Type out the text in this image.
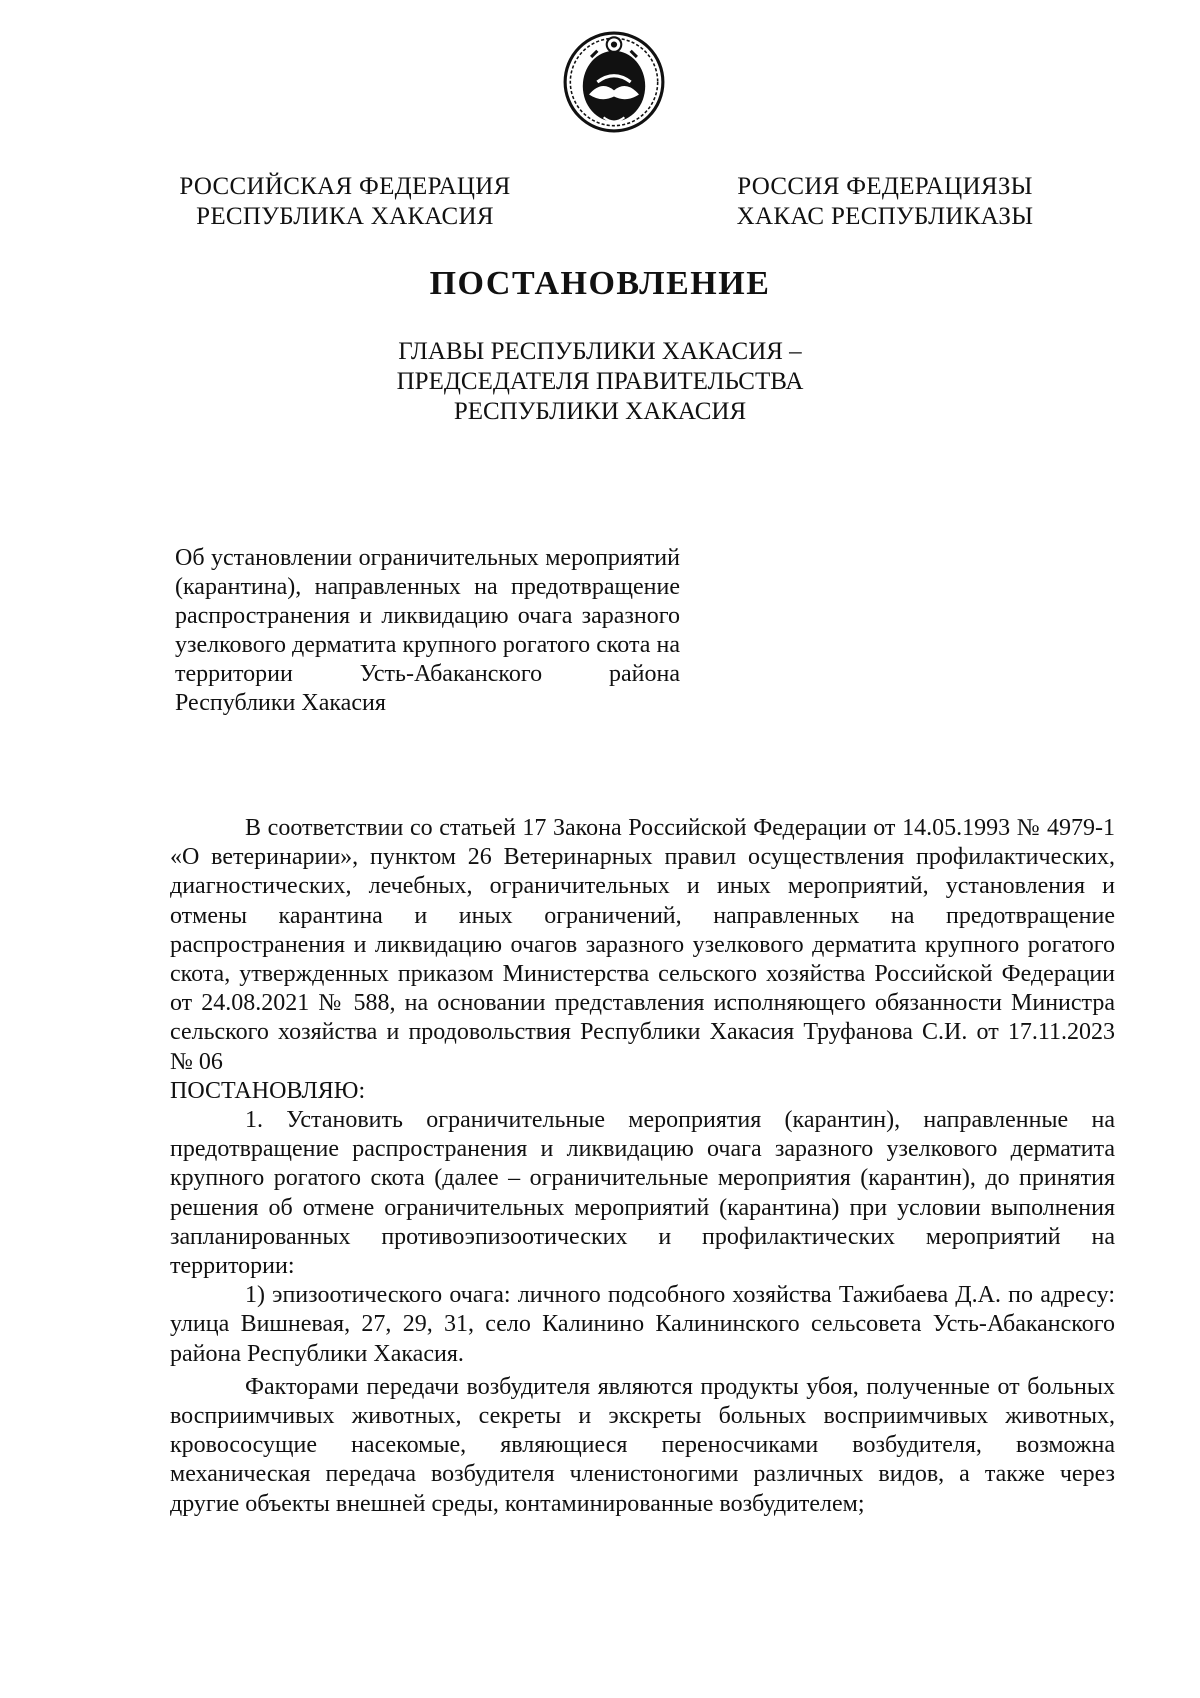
РОССИЙСКАЯ ФЕДЕРАЦИЯ
РЕСПУБЛИКА ХАКАСИЯ
РОССИЯ ФЕДЕРАЦИЯЗЫ
ХАКАС РЕСПУБЛИКАЗЫ
ПОСТАНОВЛЕНИЕ
ГЛАВЫ РЕСПУБЛИКИ ХАКАСИЯ –
ПРЕДСЕДАТЕЛЯ ПРАВИТЕЛЬСТВА
РЕСПУБЛИКИ ХАКАСИЯ
Об установлении ограничительных мероприятий (карантина), направленных на предотвращение распространения и ликвидацию очага заразного узелкового дерматита крупного рогатого скота на территории Усть-Абаканского района Республики Хакасия

В соответствии со статьей 17 Закона Российской Федерации от 14.05.1993 № 4979-1 «О ветеринарии», пунктом 26 Ветеринарных правил осуществления профилактических, диагностических, лечебных, ограничительных и иных мероприятий, установления и отмены карантина и иных ограничений, направленных на предотвращение распространения и ликвидацию очагов заразного узелкового дерматита крупного рогатого скота, утвержденных приказом Министерства сельского хозяйства Российской Федерации от 24.08.2021 № 588, на основании представления исполняющего обязанности Министра сельского хозяйства и продовольствия Республики Хакасия Труфанова С.И. от 17.11.2023 № 06

ПОСТАНОВЛЯЮ:

1. Установить ограничительные мероприятия (карантин), направленные на предотвращение распространения и ликвидацию очага заразного узелкового дерматита крупного рогатого скота (далее – ограничительные мероприятия (карантин), до принятия решения об отмене ограничительных мероприятий (карантина) при условии выполнения запланированных противоэпизоотических и профилактических мероприятий на территории:

1) эпизоотического очага: личного подсобного хозяйства Тажибаева Д.А. по адресу: улица Вишневая, 27, 29, 31, село Калинино Калининского сельсовета Усть-Абаканского района Республики Хакасия.

Факторами передачи возбудителя являются продукты убоя, полученные от больных восприимчивых животных, секреты и экскреты больных восприимчивых животных, кровососущие насекомые, являющиеся переносчиками возбудителя, возможна механическая передача возбудителя членистоногими различных видов, а также через другие объекты внешней среды, контаминированные возбудителем;
